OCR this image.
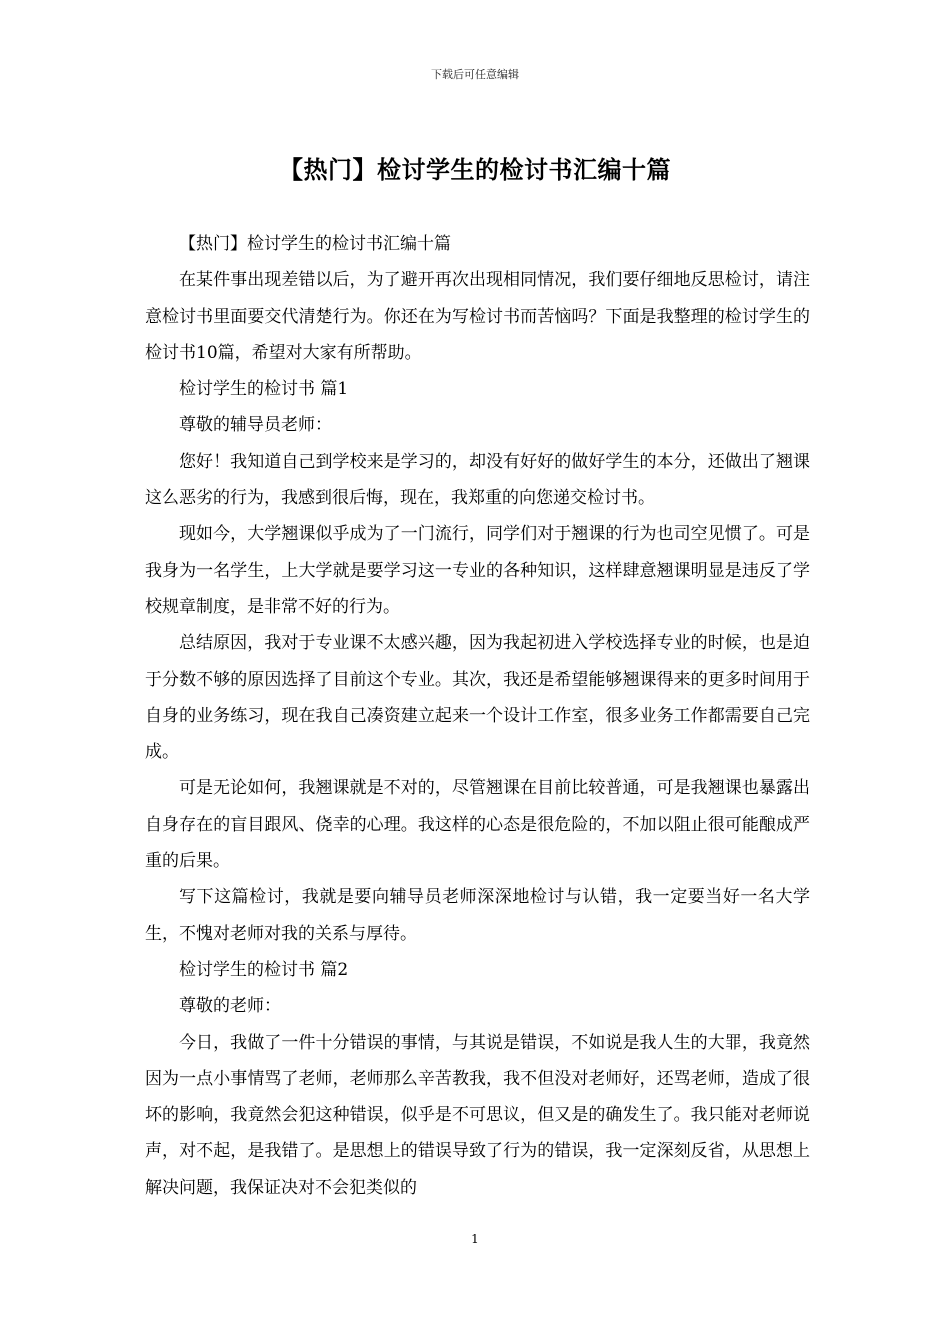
下载后可任意编辑
【热门】检讨学生的检讨书汇编十篇

【热门】检讨学生的检讨书汇编十篇

在某件事出现差错以后，为了避开再次出现相同情况，我们要仔细地反思检讨，请注意检讨书里面要交代清楚行为。你还在为写检讨书而苦恼吗？下面是我整理的检讨学生的检讨书10篇，希望对大家有所帮助。

检讨学生的检讨书 篇1

尊敬的辅导员老师：

您好！我知道自己到学校来是学习的，却没有好好的做好学生的本分，还做出了翘课这么恶劣的行为，我感到很后悔，现在，我郑重的向您递交检讨书。

现如今，大学翘课似乎成为了一门流行，同学们对于翘课的行为也司空见惯了。可是我身为一名学生，上大学就是要学习这一专业的各种知识，这样肆意翘课明显是违反了学校规章制度，是非常不好的行为。

总结原因，我对于专业课不太感兴趣，因为我起初进入学校选择专业的时候，也是迫于分数不够的原因选择了目前这个专业。其次，我还是希望能够翘课得来的更多时间用于自身的业务练习，现在我自己凑资建立起来一个设计工作室，很多业务工作都需要自己完成。

可是无论如何，我翘课就是不对的，尽管翘课在目前比较普通，可是我翘课也暴露出自身存在的盲目跟风、侥幸的心理。我这样的心态是很危险的，不加以阻止很可能酿成严重的后果。

写下这篇检讨，我就是要向辅导员老师深深地检讨与认错，我一定要当好一名大学生，不愧对老师对我的关系与厚待。

检讨学生的检讨书 篇2

尊敬的老师：

今日，我做了一件十分错误的事情，与其说是错误，不如说是我人生的大罪，我竟然因为一点小事情骂了老师，老师那么辛苦教我，我不但没对老师好，还骂老师，造成了很坏的影响，我竟然会犯这种错误，似乎是不可思议，但又是的确发生了。我只能对老师说声，对不起，是我错了。是思想上的错误导致了行为的错误，我一定深刻反省，从思想上解决问题，我保证决对不会犯类似的

1
